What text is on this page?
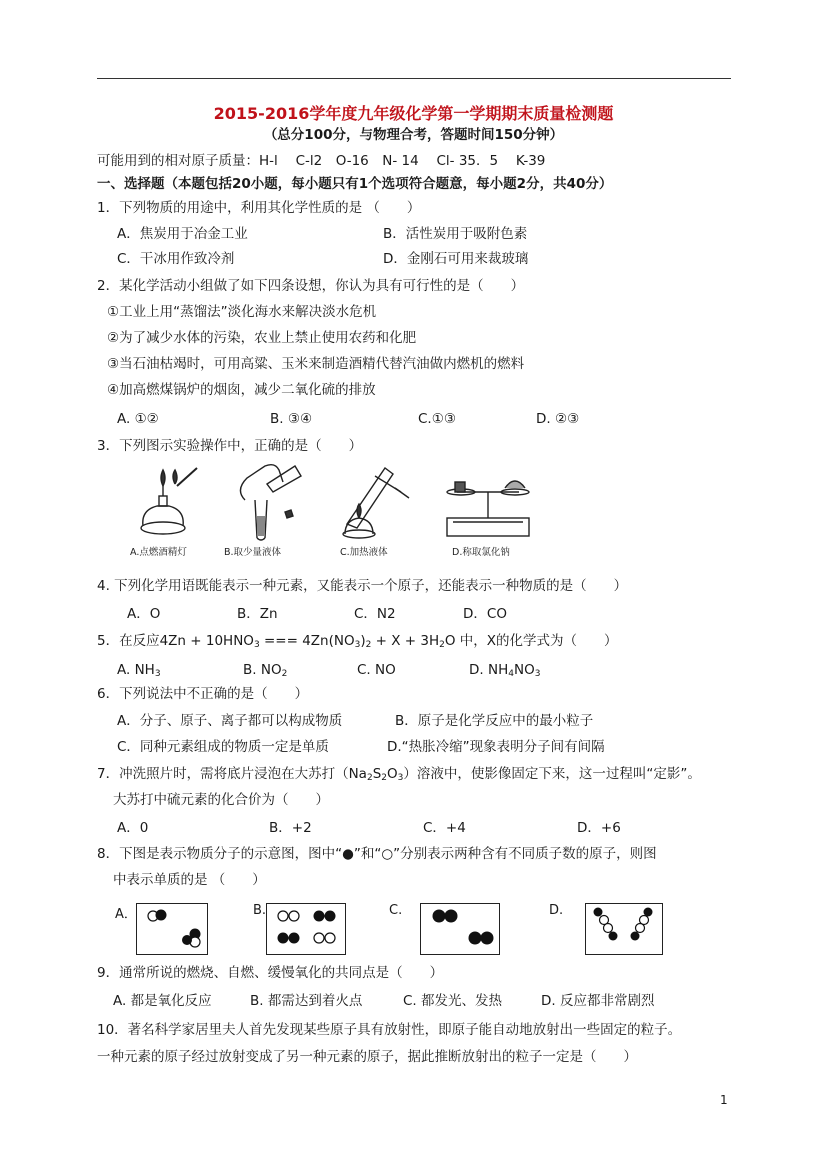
2015-2016学年度九年级化学第一学期期末质量检测题
（总分100分，与物理合考，答题时间150分钟）
可能用到的相对原子质量：H-l　 C-l2　O-16　N- 14　 Cl- 35．5　 K-39
一、选择题（本题包括20小题，每小题只有1个选项符合题意，每小题2分，共40分）
1．下列物质的用途中，利用其化学性质的是 （　　）
A．焦炭用于冶金工业	B．活性炭用于吸附色素
C．干冰用作致冷剂	D．金刚石可用来裁玻璃
2．某化学活动小组做了如下四条设想，你认为具有可行性的是（　　）
①工业上用“蒸馏法”淡化海水来解决淡水危机
②为了减少水体的污染，农业上禁止使用农药和化肥
③当石油枯竭时，可用高粱、玉米来制造酒精代替汽油做内燃机的燃料
④加高燃煤锅炉的烟囱，减少二氧化硫的排放
A. ①②	B. ③④	C.①③	D. ②③
3．下列图示实验操作中，正确的是（　　）
A.点燃酒精灯	B.取少量液体	C.加热液体	D.称取氯化钠
4. 下列化学用语既能表示一种元素，又能表示一个原子，还能表示一种物质的是（　　）
A．O	B．Zn	C．N2	D．CO
5．在反应$4Zn + 10HNO_3$ === $4Zn(NO_3)_2 + X + 3H_2O$ 中，X的化学式为（　　）
A. $NH_3$	B. $NO_2$	C. NO	D. $NH_4NO_3$
6．下列说法中不正确的是（　　）
A．分子、原子、离子都可以构成物质	B．原子是化学反应中的最小粒子
C．同种元素组成的物质一定是单质	D.“热胀冷缩”现象表明分子间有间隔
7．冲洗照片时，需将底片浸泡在大苏打$(Na_2S_2O_3)$溶液中，使影像固定下来，这一过程叫“定影”。
大苏打中硫元素的化合价为（　　）
A．0	B．+2	C．+4	D．+6
8．下图是表示物质分子的示意图，图中“●”和“○”分别表示两种含有不同质子数的原子，则图
中表示单质的是 （　　）
A．	B.	C.	D.
9．通常所说的燃烧、自燃、缓慢氧化的共同点是（　　）
A. 都是氧化反应	B. 都需达到着火点	C. 都发光、发热	D. 反应都非常剧烈
10．著名科学家居里夫人首先发现某些原子具有放射性，即原子能自动地放射出一些固定的粒子。
一种元素的原子经过放射变成了另一种元素的原子，据此推断放射出的粒子一定是（　　）
1
